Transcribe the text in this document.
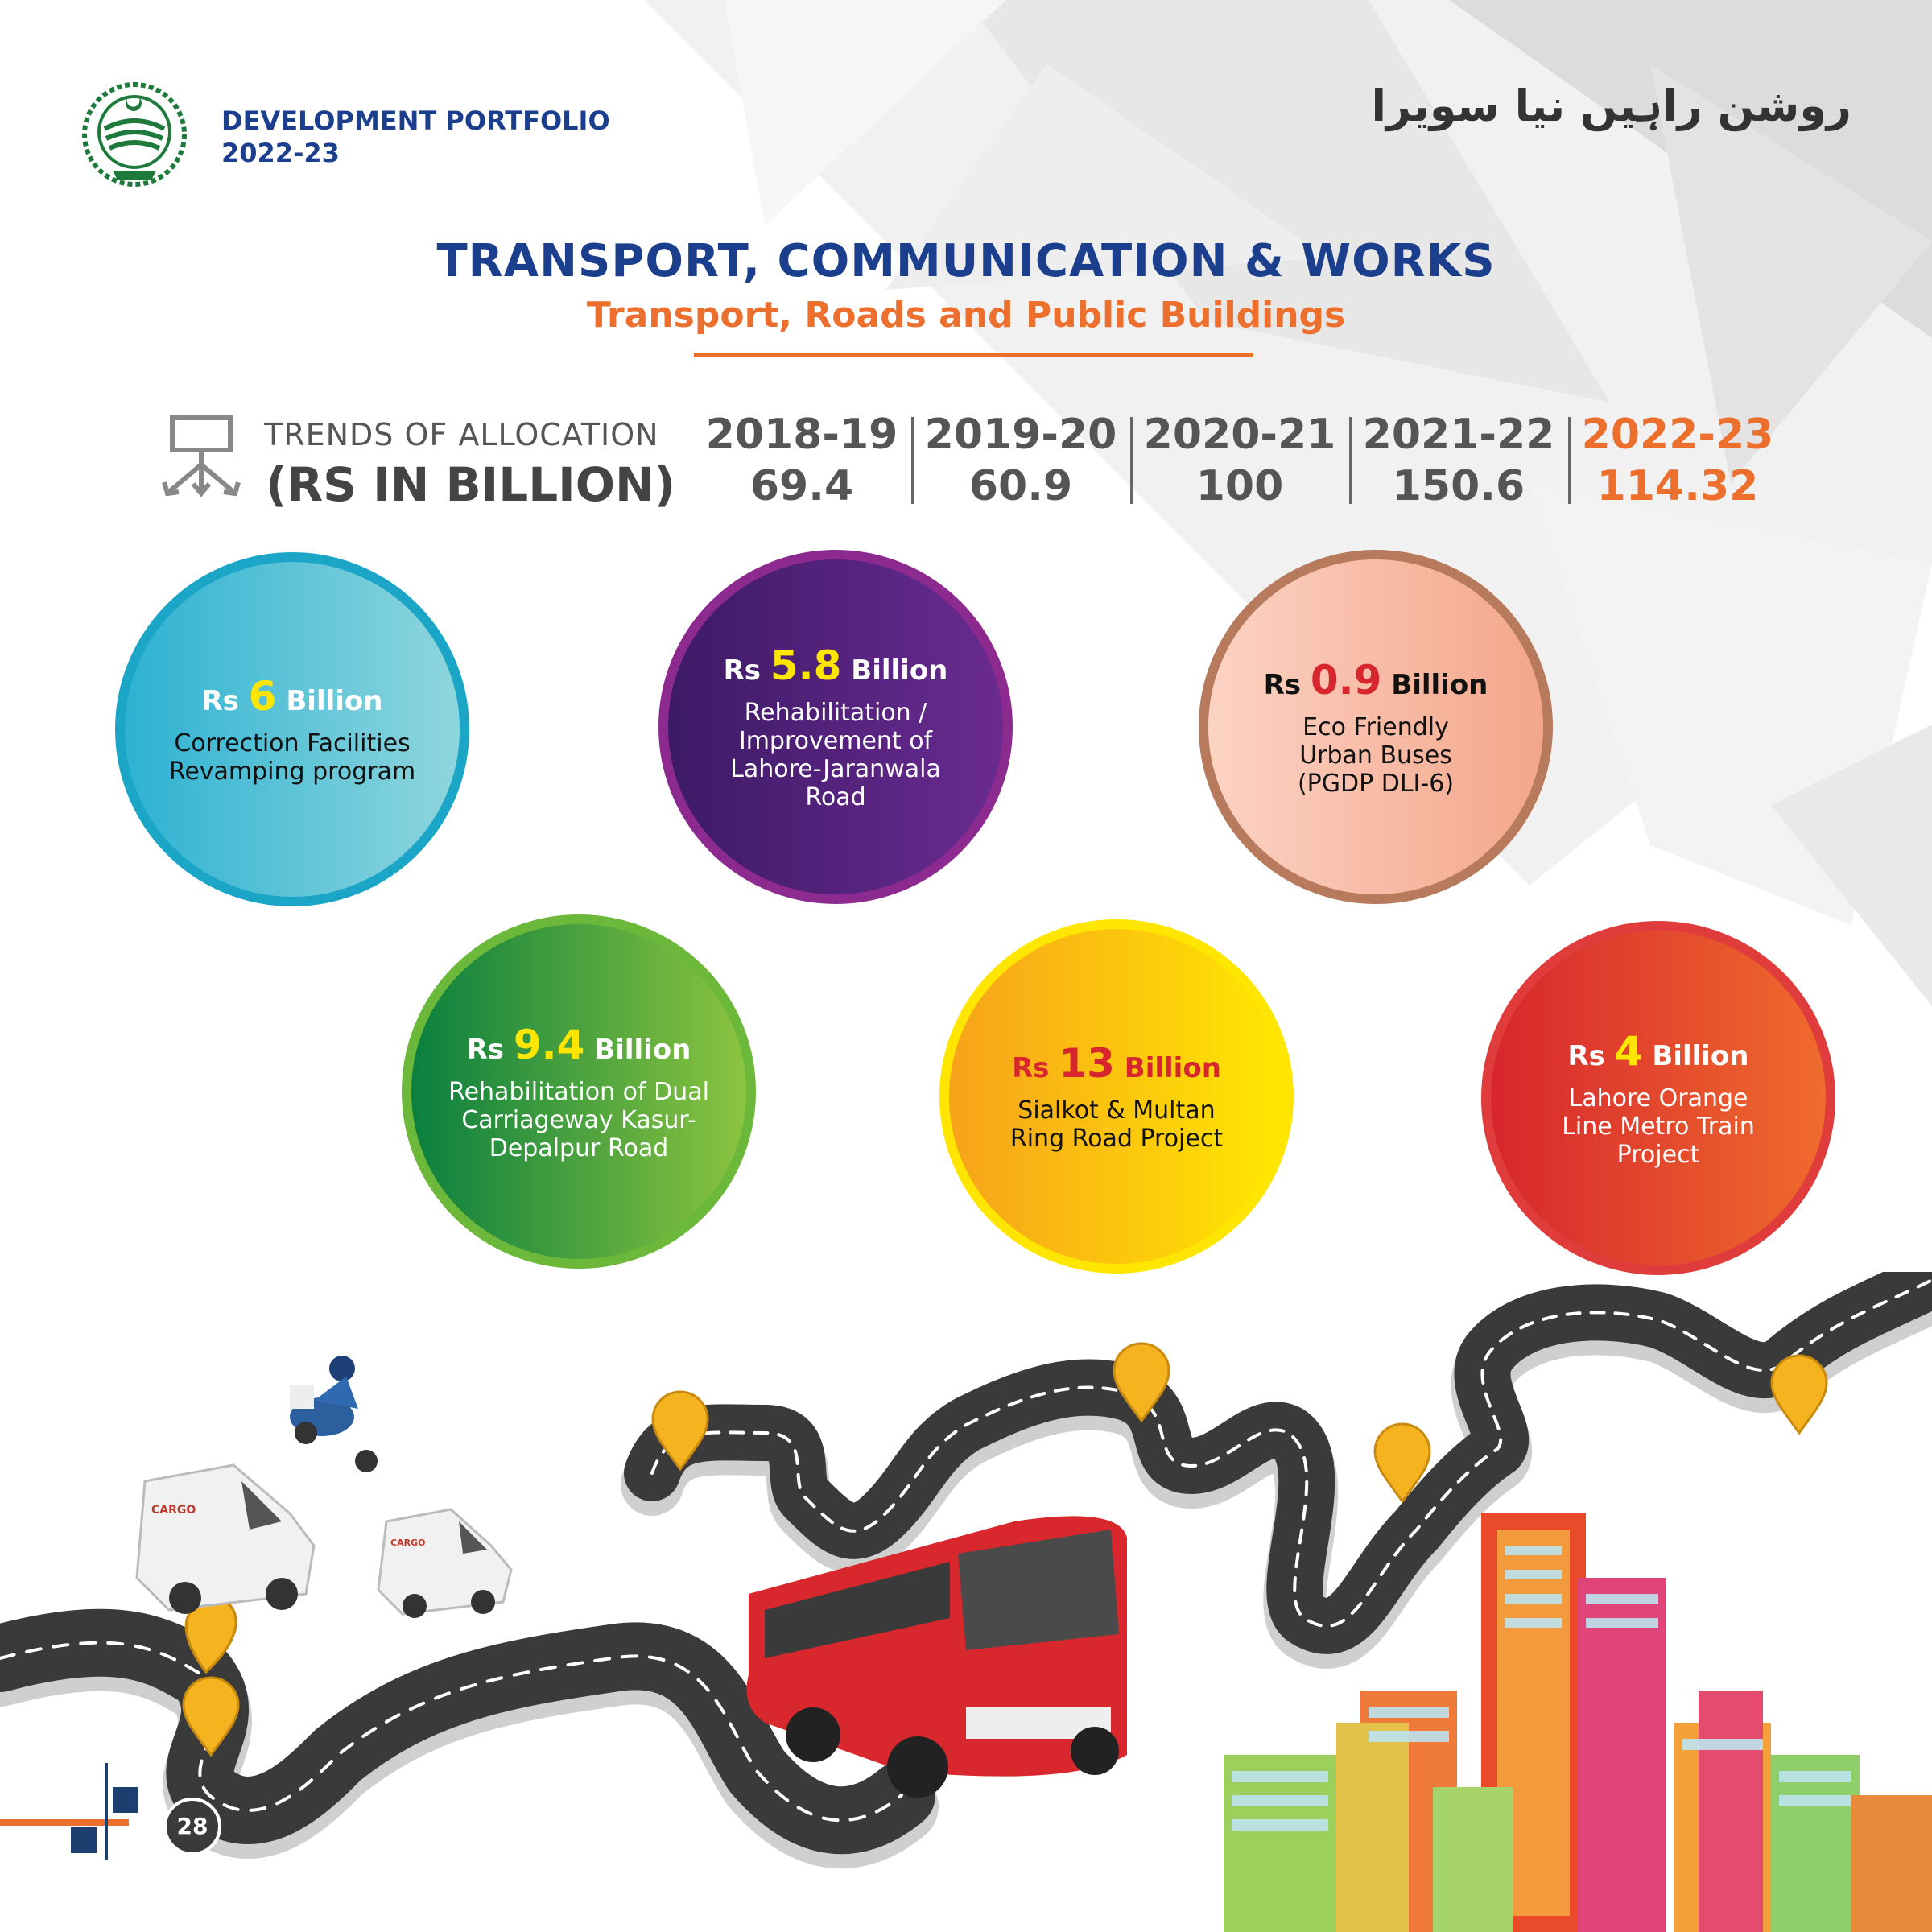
DEVELOPMENT PORTFOLIO
2022-23
روشن راہیں نیا سویرا
TRANSPORT, COMMUNICATION & WORKS
Transport, Roads and Public Buildings
TRENDS OF ALLOCATION
(RS IN BILLION)
2018-19
69.4
2019-20
60.9
2020-21
100
2021-22
150.6
2022-23
114.32
Rs 6 Billion
Correction Facilities Revamping program
Rs 5.8 Billion
Rehabilitation / Improvement of Lahore-Jaranwala Road
Rs 0.9 Billion
Eco Friendly Urban Buses (PGDP DLI-6)
Rs 9.4 Billion
Rehabilitation of Dual Carriageway Kasur-Depalpur Road
Rs 13 Billion
Sialkot & Multan Ring Road Project
Rs 4 Billion
Lahore Orange Line Metro Train Project
CARGO
CARGO
28
